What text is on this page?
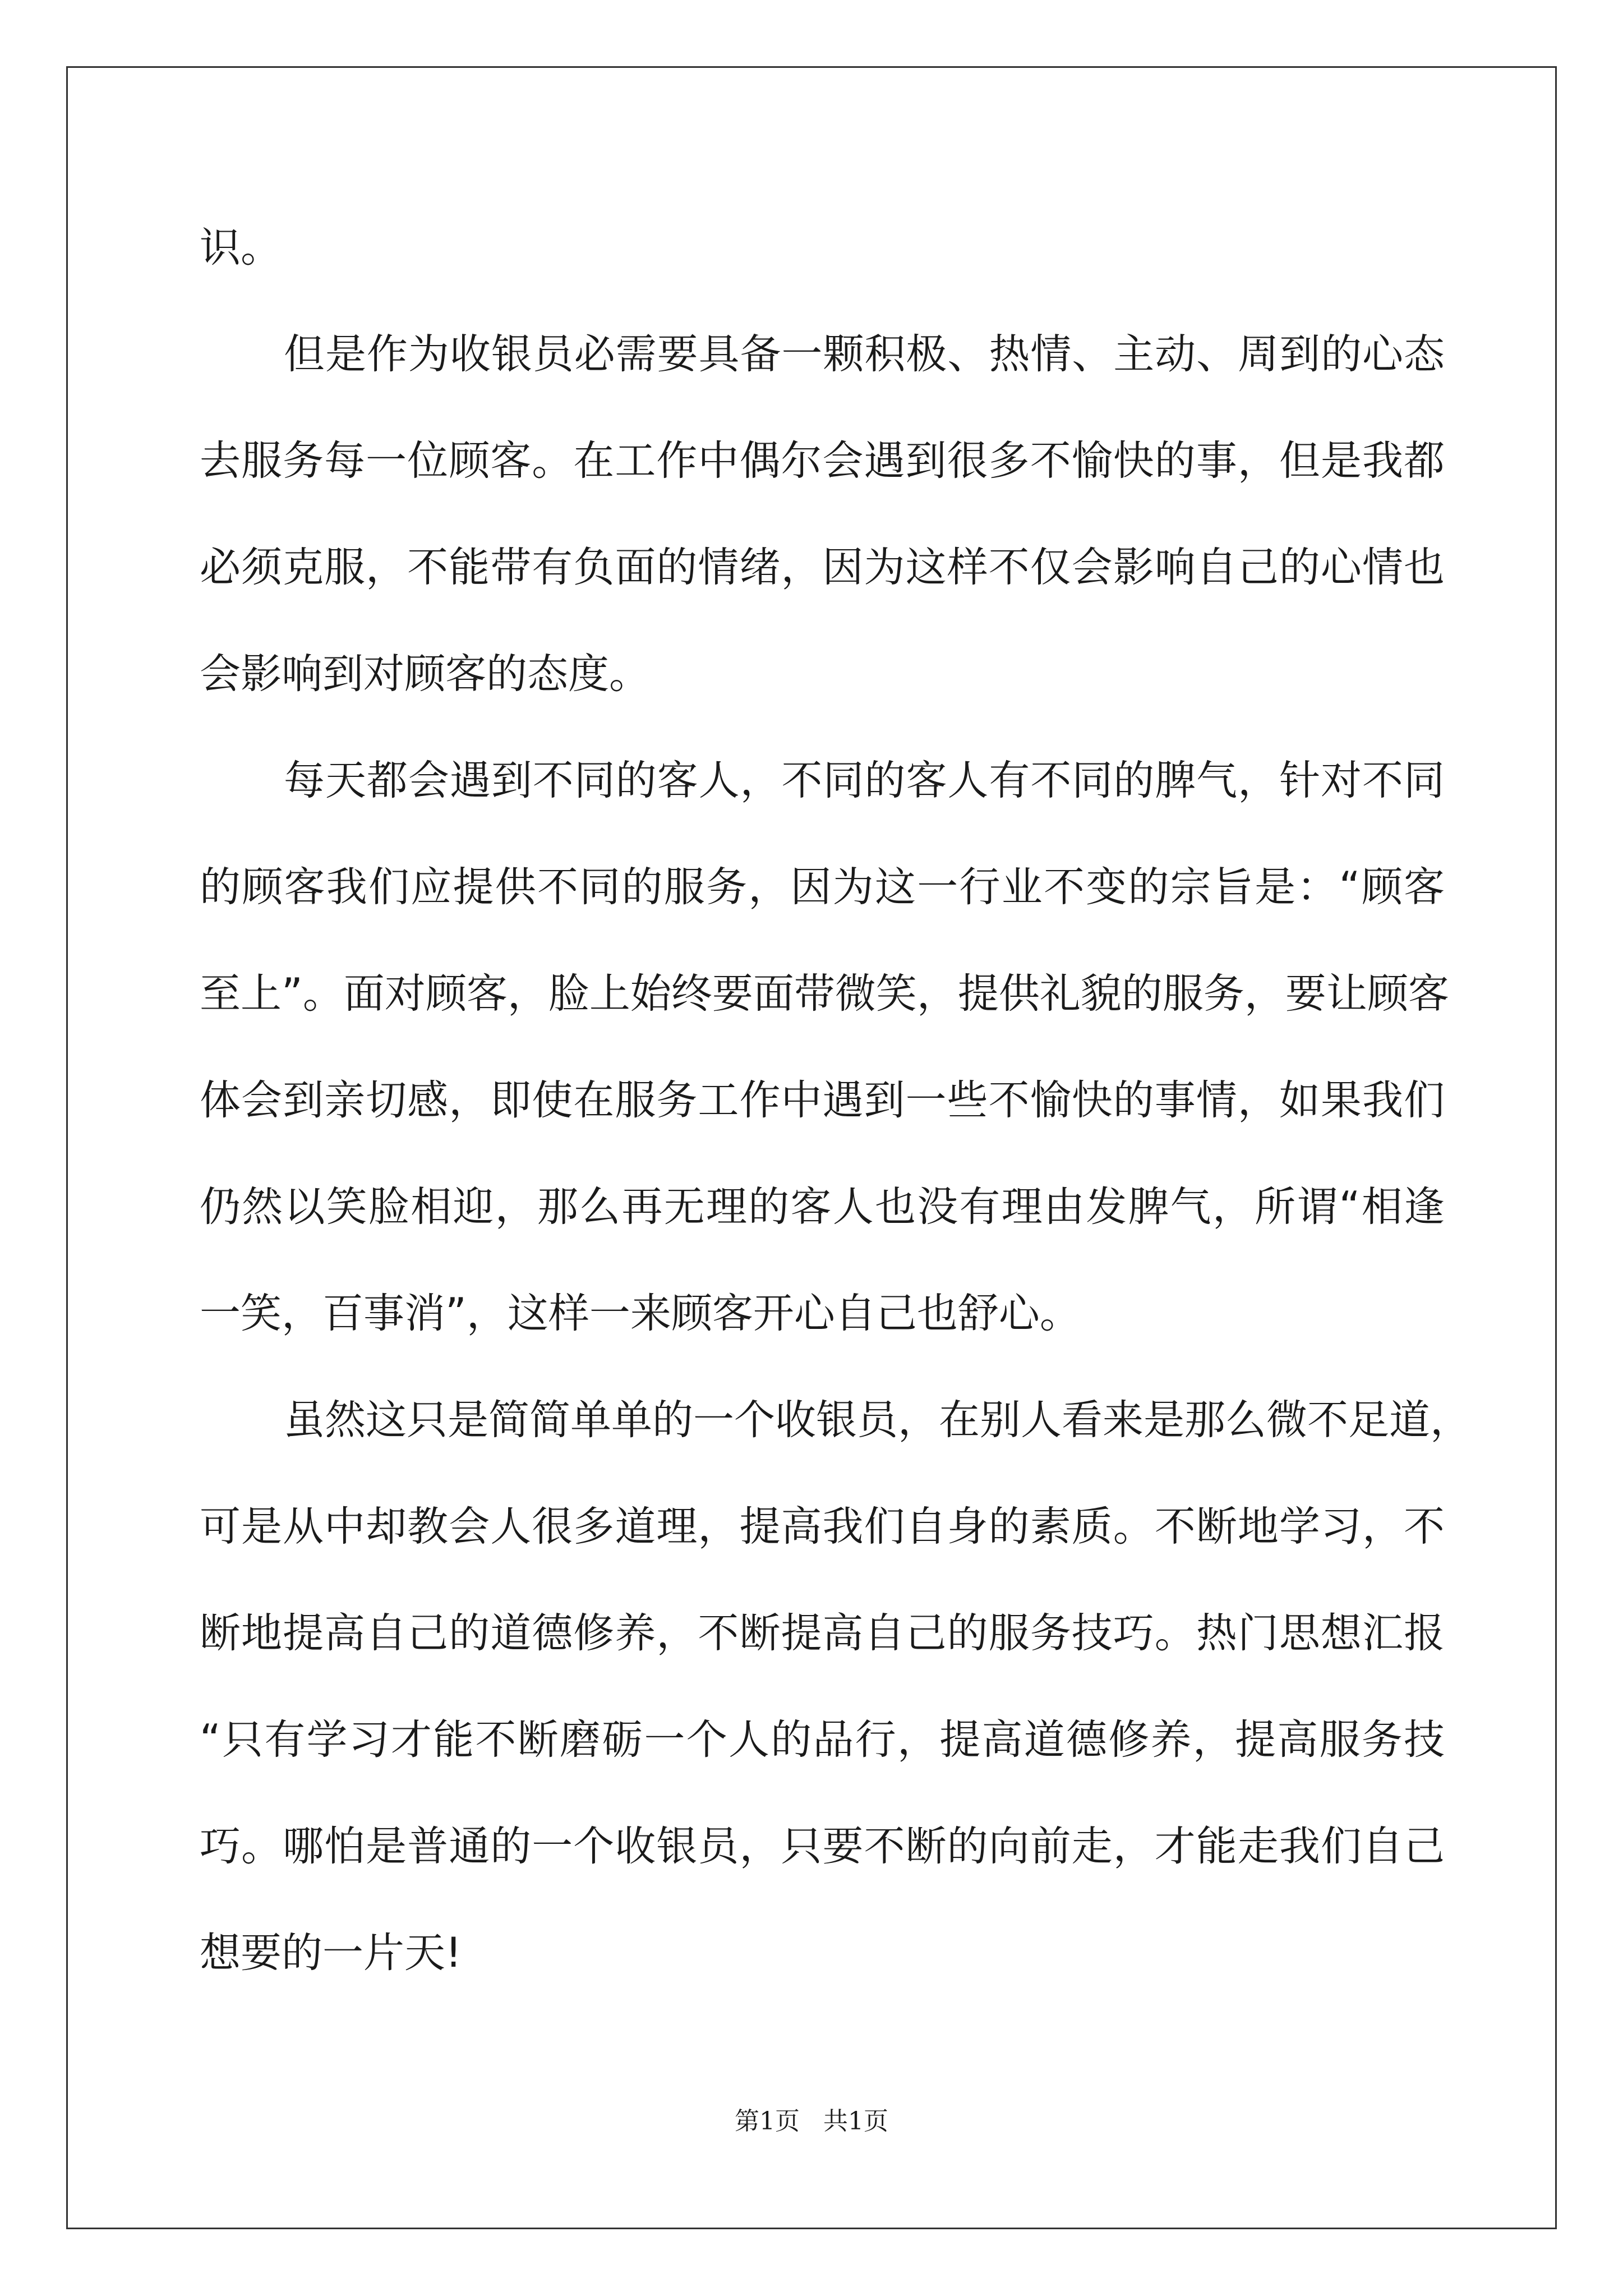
识。
但是作为收银员必需要具备一颗积极、热情、主动、周到的心态
去服务每一位顾客。在工作中偶尔会遇到很多不愉快的事，但是我都
必须克服，不能带有负面的情绪，因为这样不仅会影响自己的心情也
会影响到对顾客的态度。
每天都会遇到不同的客人，不同的客人有不同的脾气，针对不同
的顾客我们应提供不同的服务，因为这一行业不变的宗旨是：“顾客
至上”。面对顾客，脸上始终要面带微笑，提供礼貌的服务，要让顾客
体会到亲切感，即使在服务工作中遇到一些不愉快的事情，如果我们
仍然以笑脸相迎，那么再无理的客人也没有理由发脾气，所谓“相逢
一笑，百事消”，这样一来顾客开心自己也舒心。
虽然这只是简简单单的一个收银员，在别人看来是那么微不足道，
可是从中却教会人很多道理，提高我们自身的素质。不断地学习，不
断地提高自己的道德修养，不断提高自己的服务技巧。热门思想汇报
“只有学习才能不断磨砺一个人的品行，提高道德修养，提高服务技
巧。哪怕是普通的一个收银员，只要不断的向前走，才能走我们自己
想要的一片天!
第1页 共1页
